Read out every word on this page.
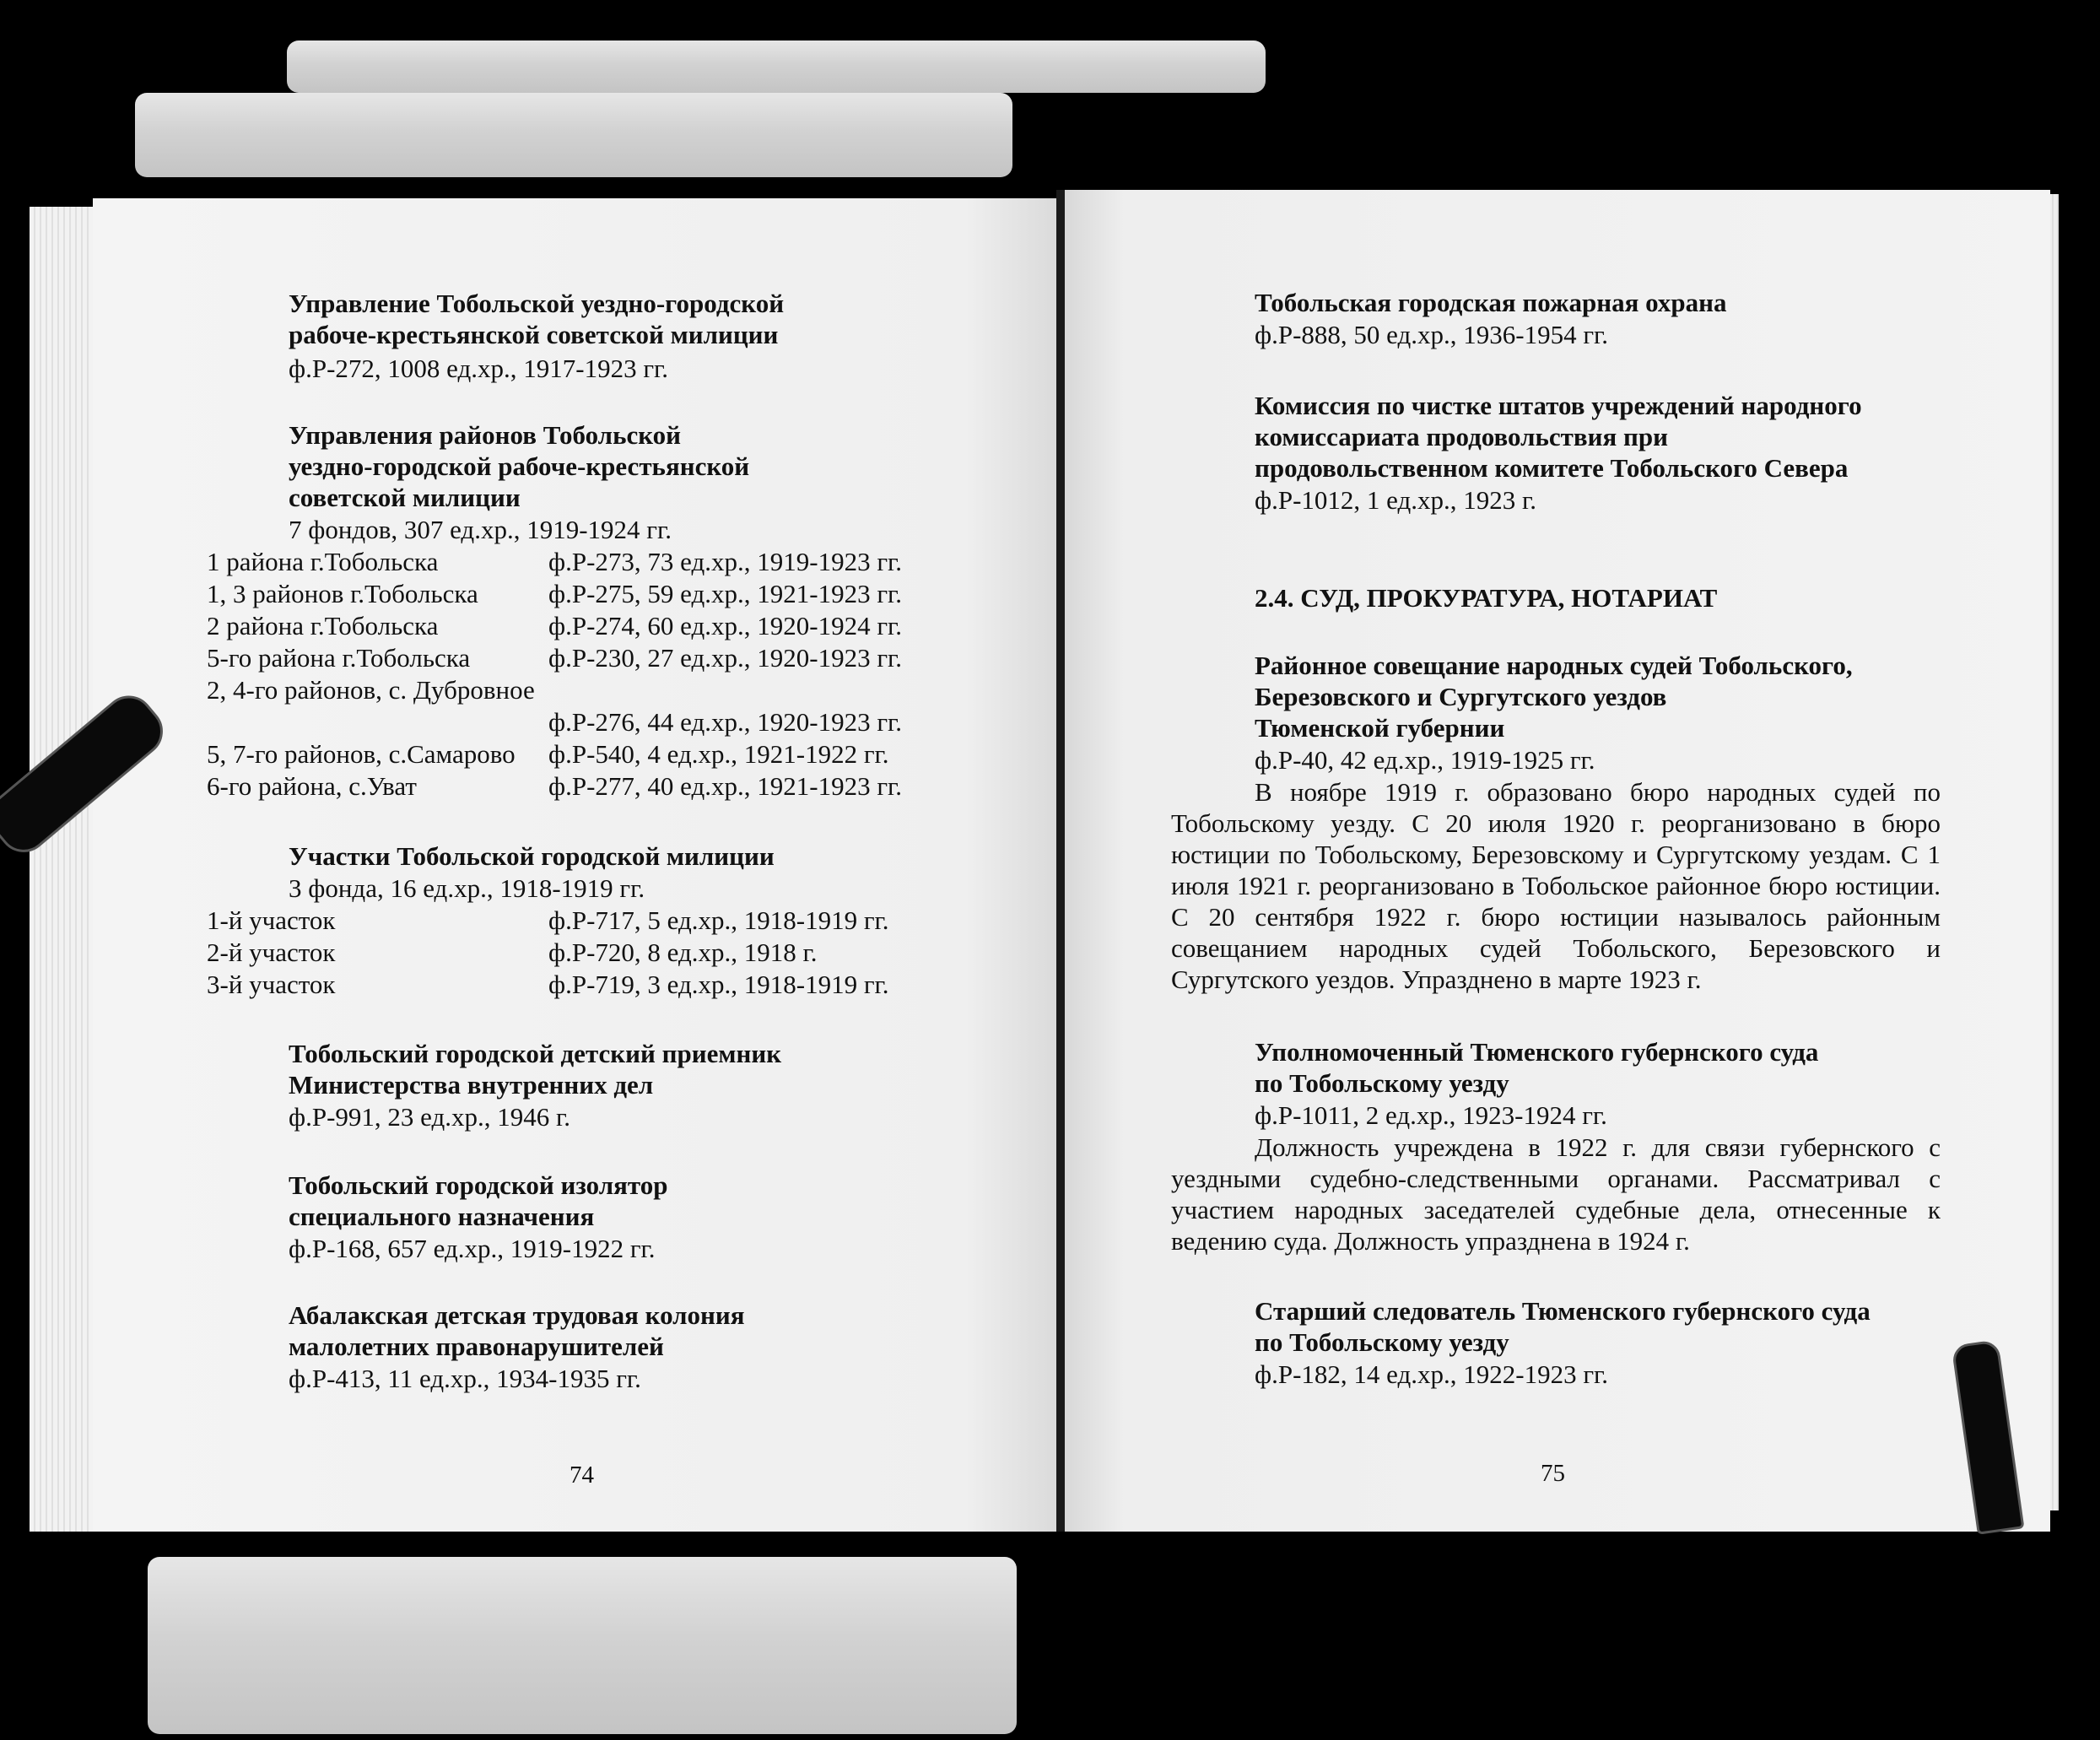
Управление Тобольской уездно-городской
рабоче-крестьянской советской милиции
ф.Р-272, 1008 ед.хр., 1917-1923 гг.
Управления районов Тобольской
уездно-городской рабоче-крестьянской
советской милиции
7 фондов, 307 ед.хр., 1919-1924 гг.
1 района г.Тобольска	ф.Р-273, 73 ед.хр., 1919-1923 гг.
1, 3 районов г.Тобольска	ф.Р-275, 59 ед.хр., 1921-1923 гг.
2 района г.Тобольска	ф.Р-274, 60 ед.хр., 1920-1924 гг.
5-го района г.Тобольска	ф.Р-230, 27 ед.хр., 1920-1923 гг.
2, 4-го районов, с. Дубровное
ф.Р-276, 44 ед.хр., 1920-1923 гг.
5, 7-го районов, с.Самарово ф.Р-540, 4 ед.хр., 1921-1922 гг.
6-го района, с.Уват	ф.Р-277, 40 ед.хр., 1921-1923 гг.
Участки Тобольской городской милиции
3 фонда, 16 ед.хр., 1918-1919 гг.
1-й участок	ф.Р-717, 5 ед.хр., 1918-1919 гг.
2-й участок	ф.Р-720, 8 ед.хр., 1918 г.
3-й участок	ф.Р-719, 3 ед.хр., 1918-1919 гг.
Тобольский городской детский приемник
Министерства внутренних дел
ф.Р-991, 23 ед.хр., 1946 г.
Тобольский городской изолятор
специального назначения
ф.Р-168, 657 ед.хр., 1919-1922 гг.
Абалакская детская трудовая колония
малолетних правонарушителей
ф.Р-413, 11 ед.хр., 1934-1935 гг.
74
Тобольская городская пожарная охрана
ф.Р-888, 50 ед.хр., 1936-1954 гг.
Комиссия по чистке штатов учреждений народного
комиссариата продовольствия при
продовольственном комитете Тобольского Севера
ф.Р-1012, 1 ед.хр., 1923 г.
2.4. СУД, ПРОКУРАТУРА, НОТАРИАТ
Районное совещание народных судей Тобольского,
Березовского и Сургутского уездов
Тюменской губернии
ф.Р-40, 42 ед.хр., 1919-1925 гг.
В ноябре 1919 г. образовано бюро народных судей по Тобольскому уезду. С 20 июля 1920 г. реорганизовано в бюро юстиции по Тобольскому, Березовскому и Сургутскому уездам. С 1 июля 1921 г. реорганизовано в Тобольское районное бюро юстиции. С 20 сентября 1922 г. бюро юстиции называлось районным совещанием народных судей Тобольского, Березовского и Сургутского уездов. Упразднено в марте 1923 г.
Уполномоченный Тюменского губернского суда
по Тобольскому уезду
ф.Р-1011, 2 ед.хр., 1923-1924 гг.
Должность учреждена в 1922 г. для связи губернского с уездными судебно-следственными органами. Рассматривал с участием народных заседателей судебные дела, отнесенные к ведению суда. Должность упразднена в 1924 г.
Старший следователь Тюменского губернского суда
по Тобольскому уезду
ф.Р-182, 14 ед.хр., 1922-1923 гг.
75
